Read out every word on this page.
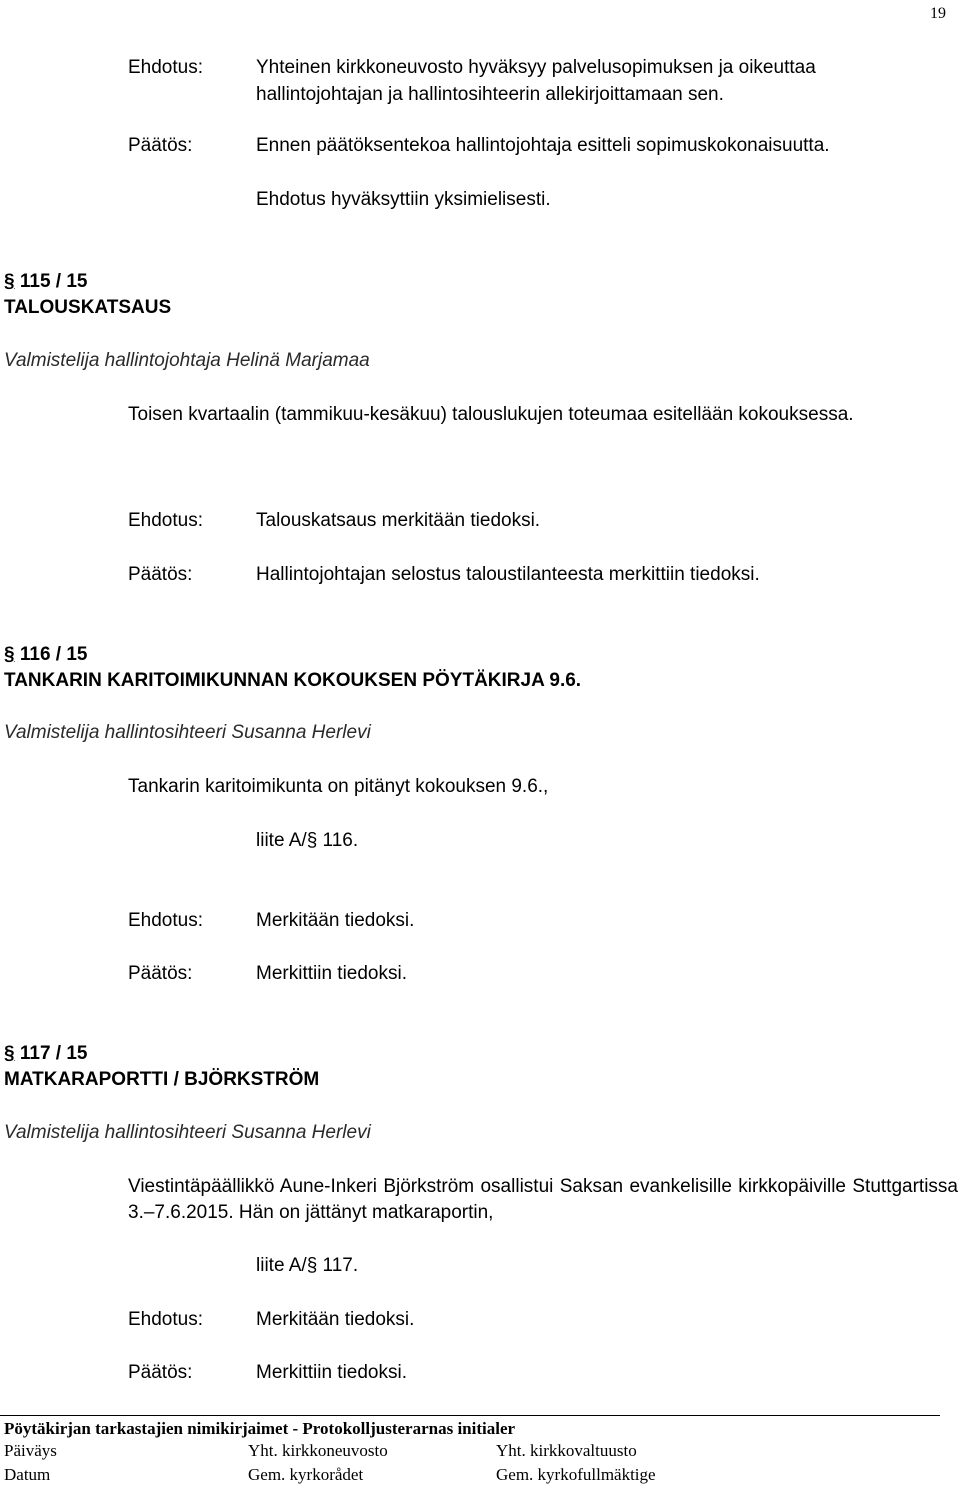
19
Ehdotus:	Yhteinen kirkkoneuvosto hyväksyy palvelusopimuksen ja oikeuttaa
hallintojohtajan ja hallintosihteerin allekirjoittamaan sen.
Päätös:	Ennen päätöksentekoa hallintojohtaja esitteli sopimuskokonaisuutta.
Ehdotus hyväksyttiin yksimielisesti.
§ 115 / 15
TALOUSKATSAUS
Valmistelija hallintojohtaja Helinä Marjamaa
Toisen kvartaalin (tammikuu-kesäkuu) talouslukujen toteumaa esitellään kokouksessa.
Ehdotus:	Talouskatsaus merkitään tiedoksi.
Päätös:	Hallintojohtajan selostus taloustilanteesta merkittiin tiedoksi.
§ 116 / 15
TANKARIN KARITOIMIKUNNAN KOKOUKSEN PÖYTÄKIRJA 9.6.
Valmistelija hallintosihteeri Susanna Herlevi
Tankarin karitoimikunta on pitänyt kokouksen 9.6.,
liite A/§ 116.
Ehdotus:	Merkitään tiedoksi.
Päätös:	Merkittiin tiedoksi.
§ 117 / 15
MATKARAPORTTI / BJÖRKSTRÖM
Valmistelija hallintosihteeri Susanna Herlevi
Viestintäpäällikkö Aune-Inkeri Björkström osallistui Saksan evankelisille kirkkopäiville Stuttgartissa 3.–7.6.2015. Hän on jättänyt matkaraportin,
liite A/§ 117.
Ehdotus:	Merkitään tiedoksi.
Päätös:	Merkittiin tiedoksi.
Pöytäkirjan tarkastajien nimikirjaimet - Protokolljusterarnas initialer
Päiväys	Yht. kirkkoneuvosto	Yht. kirkkovaltuusto
Datum	Gem. kyrkorådet	Gem. kyrkofullmäktige
